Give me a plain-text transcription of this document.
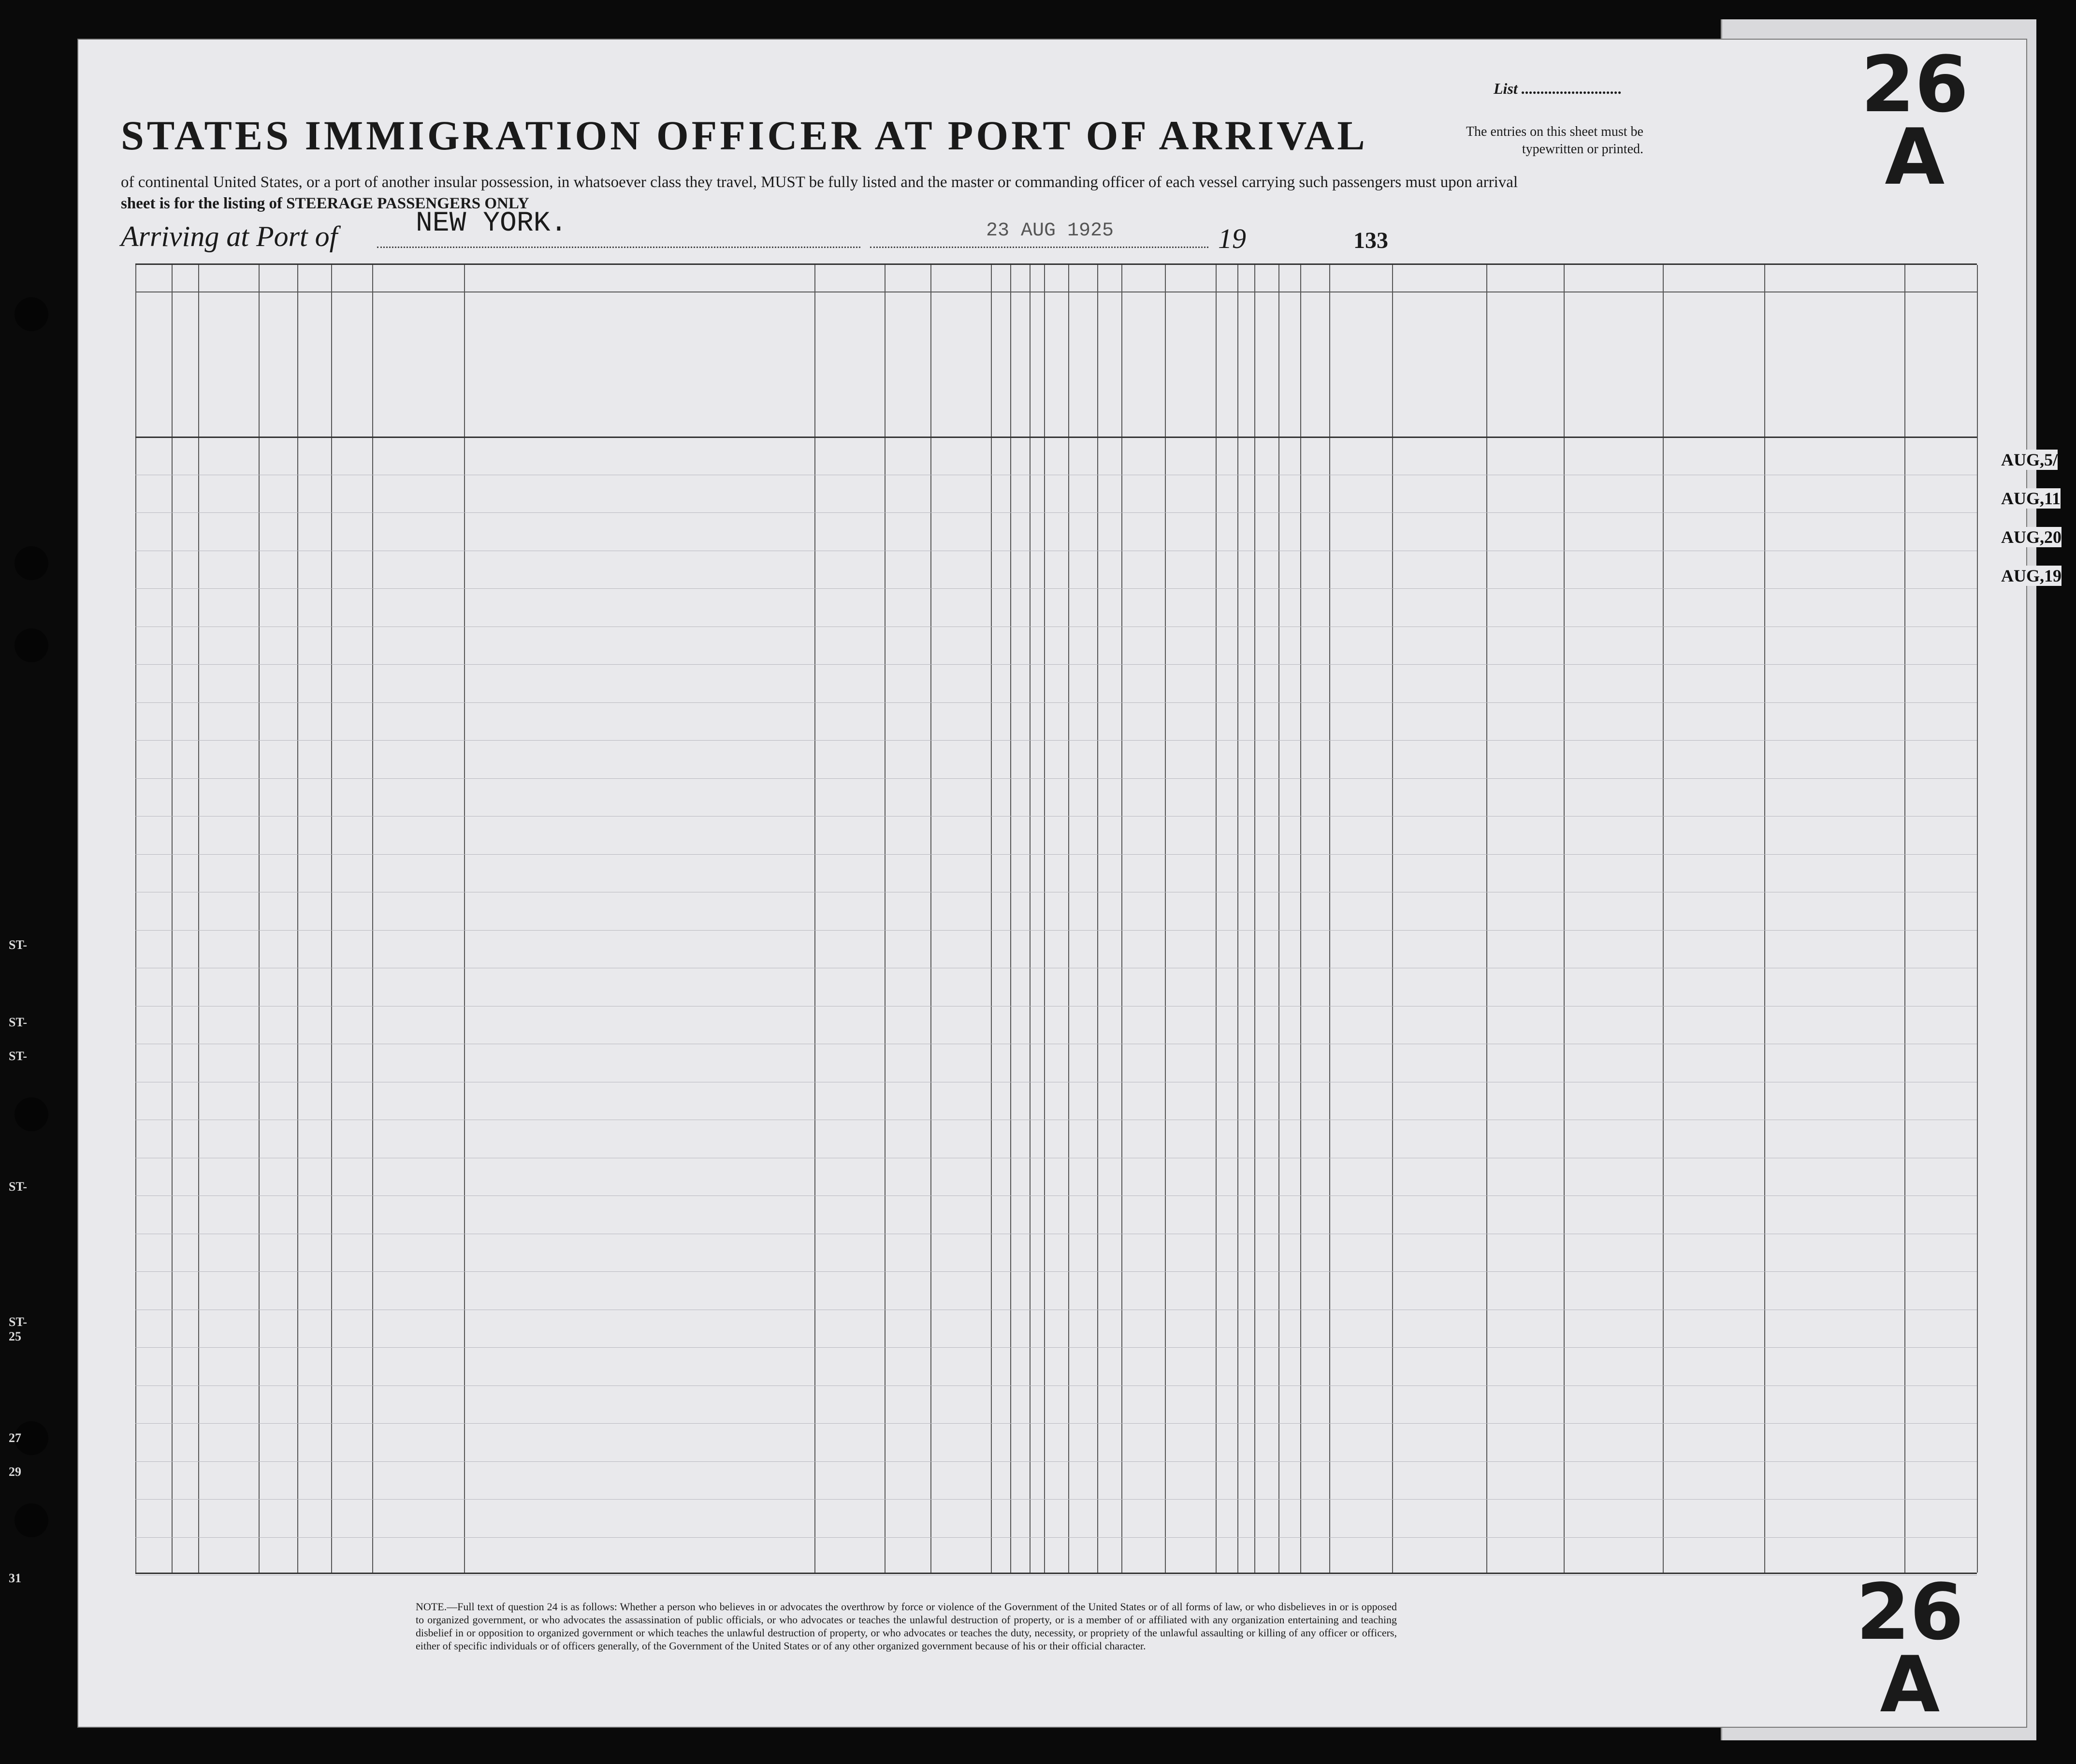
ST-
ST-
ST-
ST-
ST-
25
27
29
31
List ..........................
The entries on this sheet must be typewritten or printed.
26
A
26
A
STATES IMMIGRATION OFFICER AT PORT OF ARRIVAL
of continental United States, or a port of another insular possession, in whatsoever class they travel, MUST be fully listed and the master or commanding officer of each vessel carrying such passengers must upon arrival
sheet is for the listing of STEERAGE PASSENGERS ONLY
Arriving at Port of	NEW YORK.	23 AUG 1925	19	133
AUG,5/
AUG,11
AUG,20
AUG,19
NOTE.—Full text of question 24 is as follows: Whether a person who believes in or advocates the overthrow by force or violence of the Government of the United States or of all forms of law, or who disbelieves in or is opposed to organized government, or who advocates the assassination of public officials, or who advocates or teaches the unlawful destruction of property, or is a member of or affiliated with any organization entertaining and teaching disbelief in or opposition to organized government or which teaches the unlawful destruction of property, or who advocates or teaches the duty, necessity, or propriety of the unlawful assaulting or killing of any officer or officers, either of specific individuals or of officers generally, of the Government of the United States or of any other organized government because of his or their official character.
